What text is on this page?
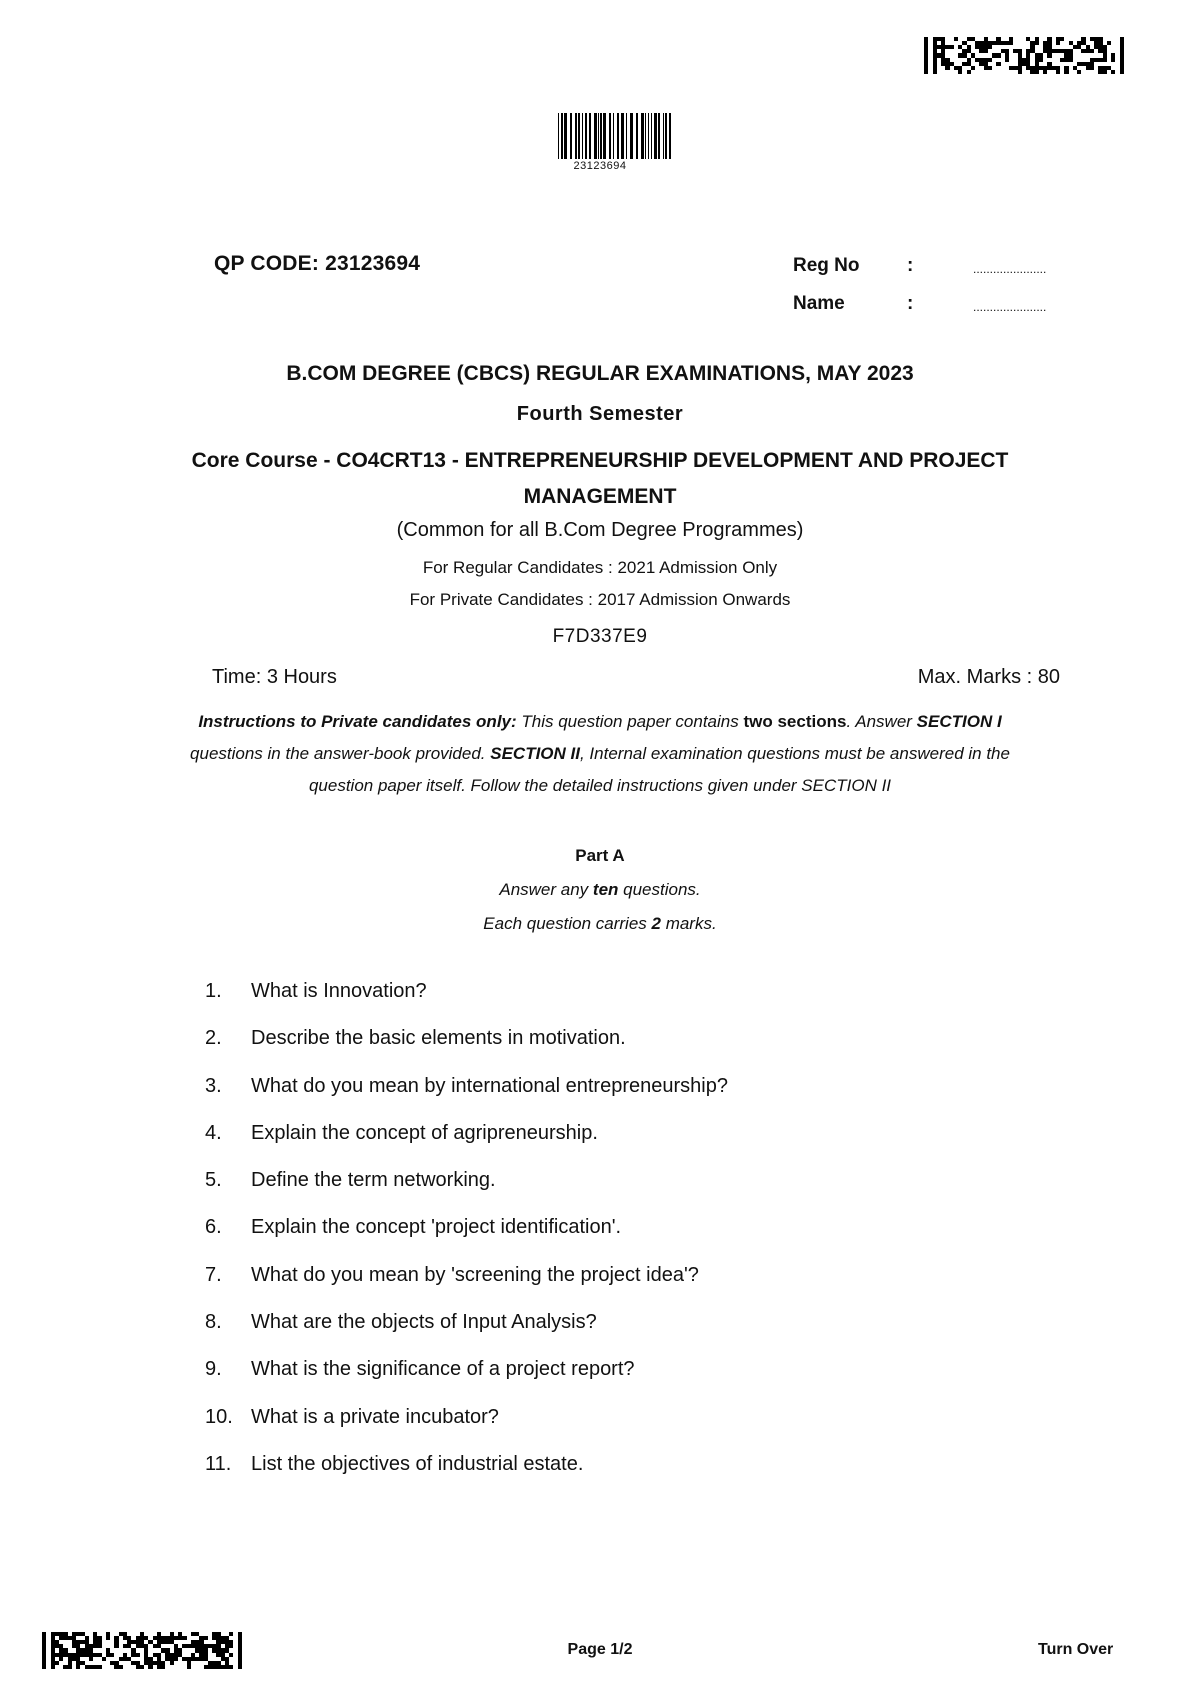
23123694
QP CODE: 23123694	Reg No	:	......................
Name	:	......................
B.COM DEGREE (CBCS) REGULAR EXAMINATIONS, MAY 2023
Fourth Semester
Core Course - CO4CRT13 - ENTREPRENEURSHIP DEVELOPMENT AND PROJECT
MANAGEMENT
(Common for all B.Com Degree Programmes)
For Regular Candidates : 2021 Admission Only
For Private Candidates : 2017 Admission Onwards
F7D337E9
Time: 3 Hours	Max. Marks : 80
Instructions to Private candidates only: This question paper contains two sections. Answer SECTION I questions in the answer-book provided. SECTION II, Internal examination questions must be answered in the question paper itself. Follow the detailed instructions given under SECTION II
Part A
Answer any ten questions.
Each question carries 2 marks.
1.	What is Innovation?
2.	Describe the basic elements in motivation.
3.	What do you mean by international entrepreneurship?
4.	Explain the concept of agripreneurship.
5.	Define the term networking.
6.	Explain the concept 'project identification'.
7.	What do you mean by 'screening the project idea'?
8.	What are the objects of Input Analysis?
9.	What is the significance of a project report?
10. What is a private incubator?
11. List the objectives of industrial estate.
Page 1/2	Turn Over
